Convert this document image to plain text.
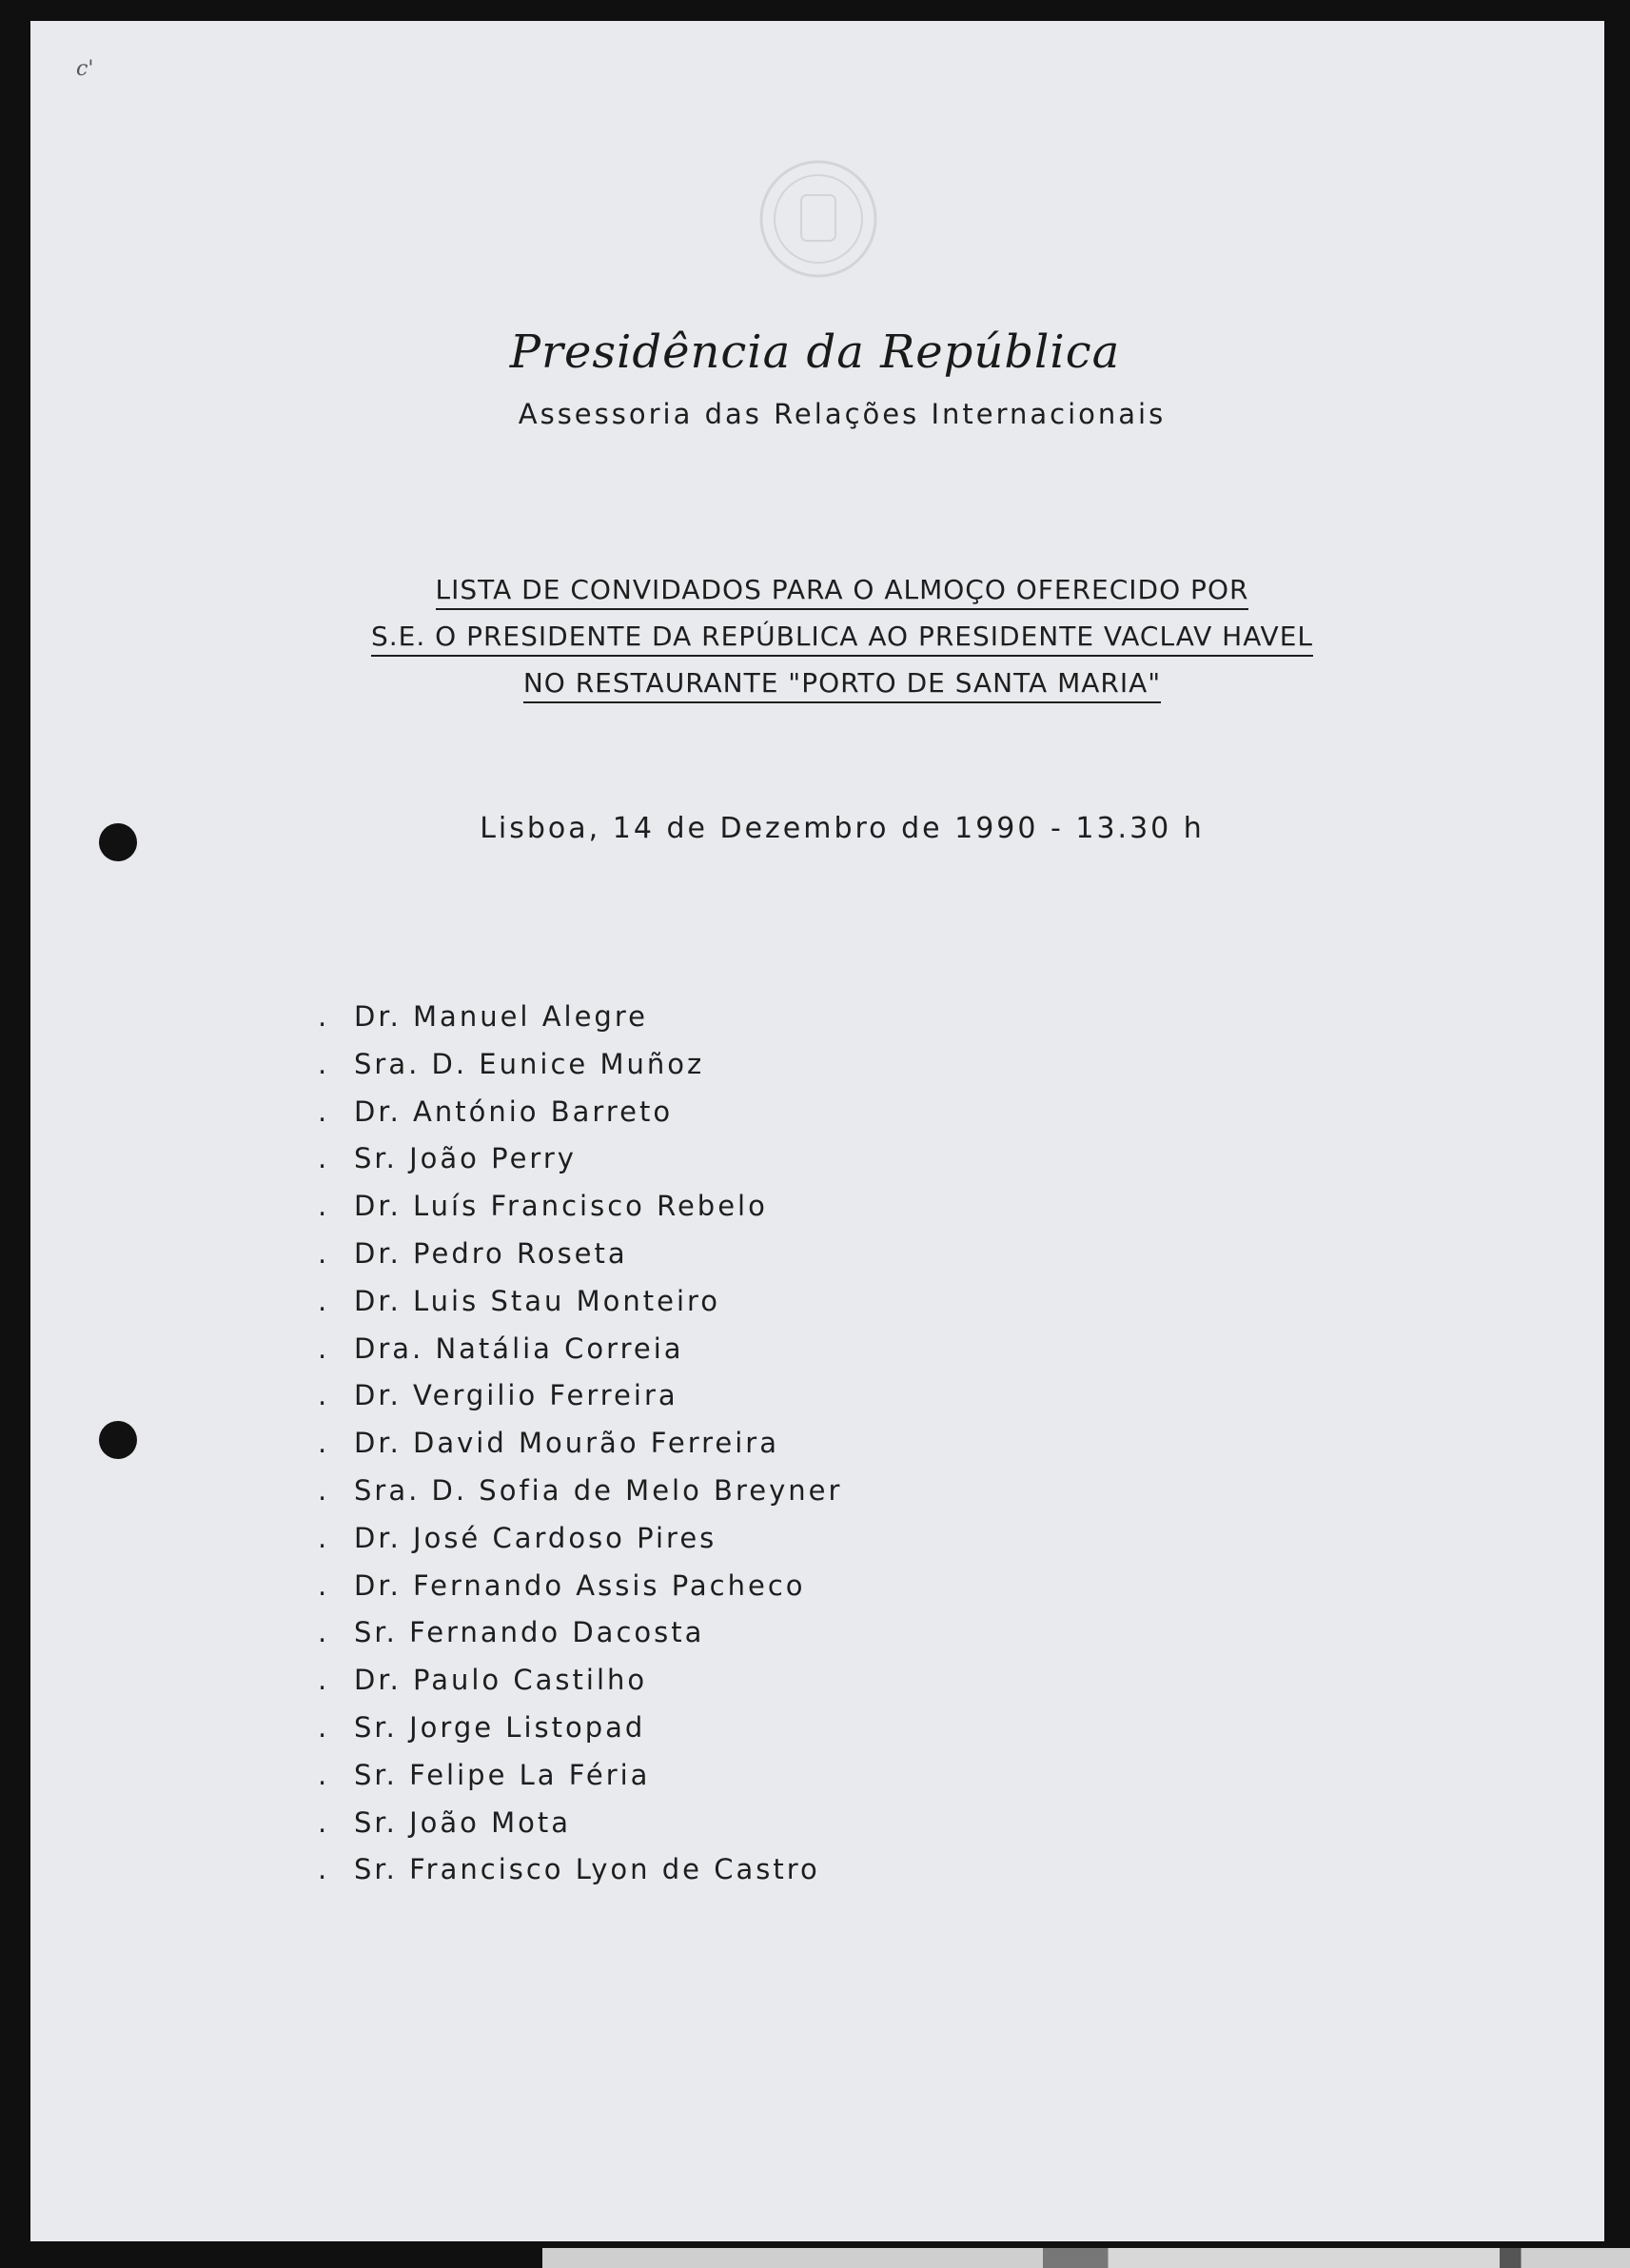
c'
Presidência da República
Assessoria das Relações Internacionais
LISTA DE CONVIDADOS PARA O ALMOÇO OFERECIDO POR
S.E. O PRESIDENTE DA REPÚBLICA AO PRESIDENTE VACLAV HAVEL
NO RESTAURANTE "PORTO DE SANTA MARIA"
Lisboa, 14 de Dezembro de 1990 - 13.30 h
. Dr. Manuel Alegre
. Sra. D. Eunice Muñoz
. Dr. António Barreto
. Sr. João Perry
. Dr. Luís Francisco Rebelo
. Dr. Pedro Roseta
. Dr. Luis Stau Monteiro
. Dra. Natália Correia
. Dr. Vergilio Ferreira
. Dr. David Mourão Ferreira
. Sra. D. Sofia de Melo Breyner
. Dr. José Cardoso Pires
. Dr. Fernando Assis Pacheco
. Sr. Fernando Dacosta
. Dr. Paulo Castilho
. Sr. Jorge Listopad
. Sr. Felipe La Féria
. Sr. João Mota
. Sr. Francisco Lyon de Castro
